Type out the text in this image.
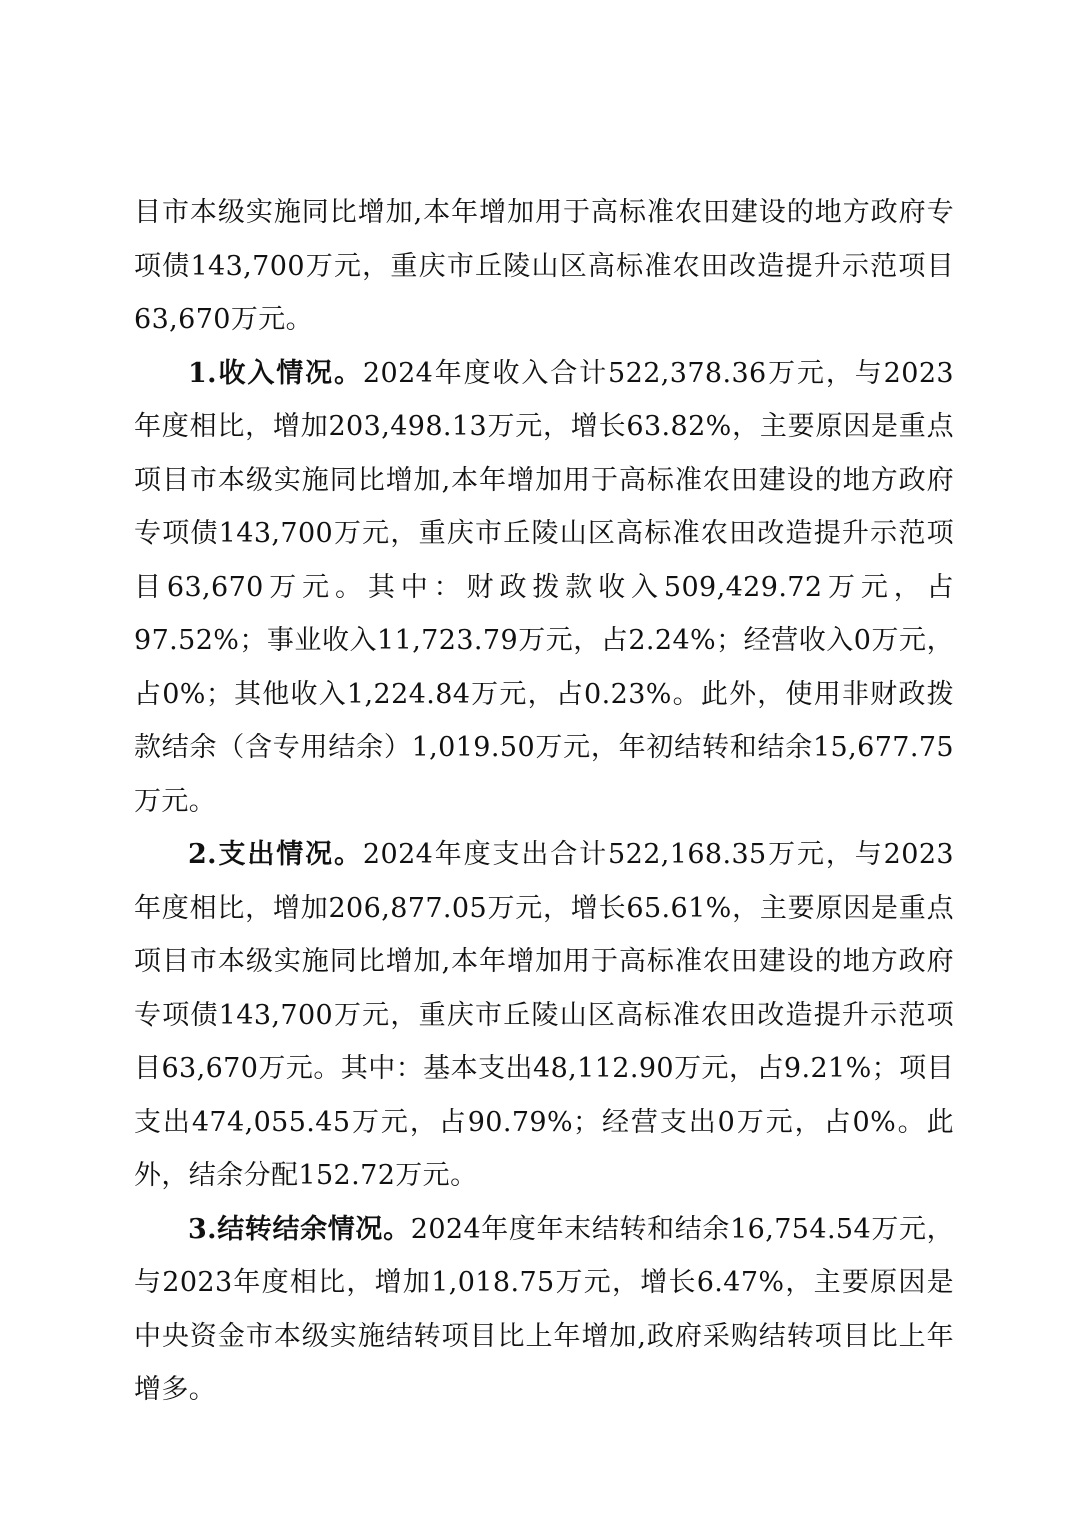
目市本级实施同比增加,本年增加用于高标准农田建设的地方政府专项债143,700万元，重庆市丘陵山区高标准农田改造提升示范项目63,670万元。

1.收入情况。2024年度收入合计522,378.36万元，与2023年度相比，增加203,498.13万元，增长63.82%，主要原因是重点项目市本级实施同比增加,本年增加用于高标准农田建设的地方政府专项债143,700万元，重庆市丘陵山区高标准农田改造提升示范项目63,670万元。其中：财政拨款收入509,429.72万元，占97.52%；事业收入11,723.79万元，占2.24%；经营收入0万元，占0%；其他收入1,224.84万元，占0.23%。此外，使用非财政拨款结余（含专用结余）1,019.50万元，年初结转和结余15,677.75万元。

2.支出情况。2024年度支出合计522,168.35万元，与2023年度相比，增加206,877.05万元，增长65.61%，主要原因是重点项目市本级实施同比增加,本年增加用于高标准农田建设的地方政府专项债143,700万元，重庆市丘陵山区高标准农田改造提升示范项目63,670万元。其中：基本支出48,112.90万元，占9.21%；项目支出474,055.45万元，占90.79%；经营支出0万元，占0%。此外，结余分配152.72万元。

3.结转结余情况。2024年度年末结转和结余16,754.54万元，与2023年度相比，增加1,018.75万元，增长6.47%，主要原因是中央资金市本级实施结转项目比上年增加,政府采购结转项目比上年增多。
